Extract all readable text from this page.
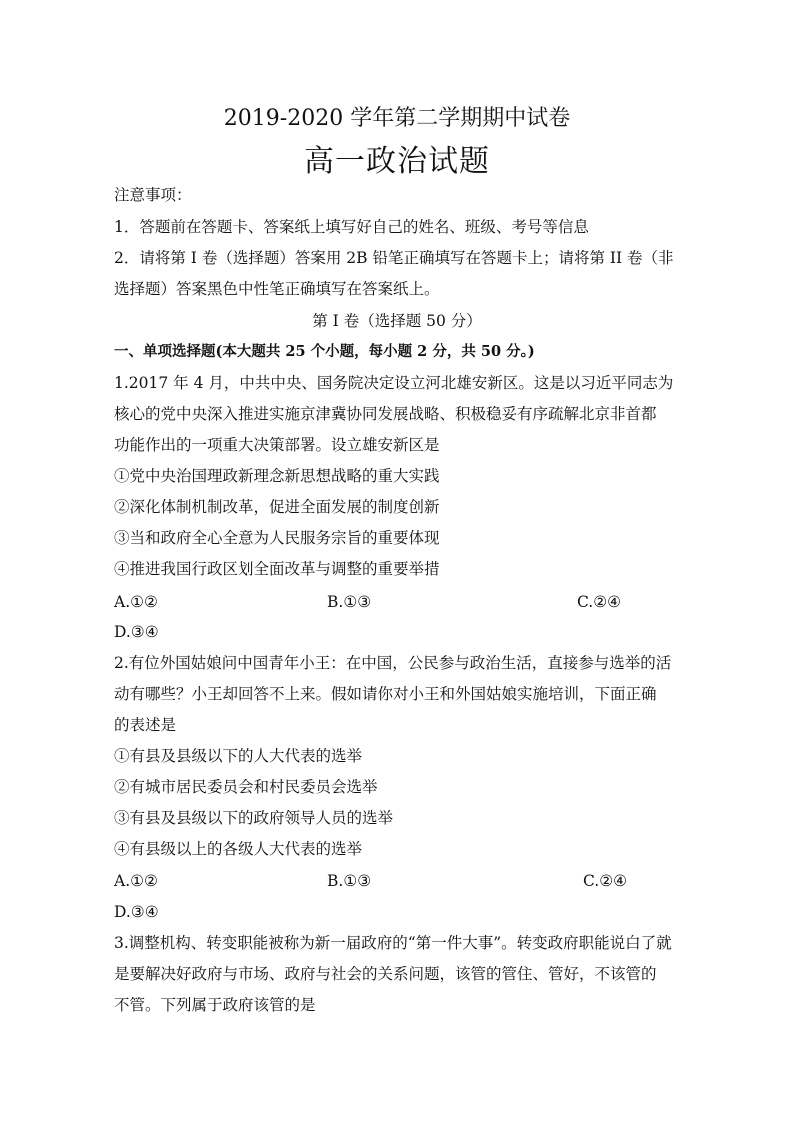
2019-2020 学年第二学期期中试卷
高一政治试题
注意事项：
1．答题前在答题卡、答案纸上填写好自己的姓名、班级、考号等信息
2．请将第 I 卷（选择题）答案用 2B 铅笔正确填写在答题卡上；请将第 II 卷（非
选择题）答案黑色中性笔正确填写在答案纸上。
第 I 卷（选择题 50 分）
一、单项选择题(本大题共 25 个小题，每小题 2 分，共 50 分。)
1.2017 年 4 月，中共中央、国务院决定设立河北雄安新区。这是以习近平同志为
核心的党中央深入推进实施京津冀协同发展战略、积极稳妥有序疏解北京非首都
功能作出的一项重大决策部署。设立雄安新区是
①党中央治国理政新理念新思想战略的重大实践
②深化体制机制改革，促进全面发展的制度创新
③当和政府全心全意为人民服务宗旨的重要体现
④推进我国行政区划全面改革与调整的重要举措
A.①②	B.①③	C.②④
D.③④
2.有位外国姑娘问中国青年小王：在中国，公民参与政治生活，直接参与选举的活
动有哪些？小王却回答不上来。假如请你对小王和外国姑娘实施培训，下面正确
的表述是
①有县及县级以下的人大代表的选举
②有城市居民委员会和村民委员会选举
③有县及县级以下的政府领导人员的选举
④有县级以上的各级人大代表的选举
A.①②	B.①③	C.②④
D.③④
3.调整机构、转变职能被称为新一届政府的“第一件大事”。转变政府职能说白了就
是要解决好政府与市场、政府与社会的关系问题，该管的管住、管好，不该管的
不管。下列属于政府该管的是
